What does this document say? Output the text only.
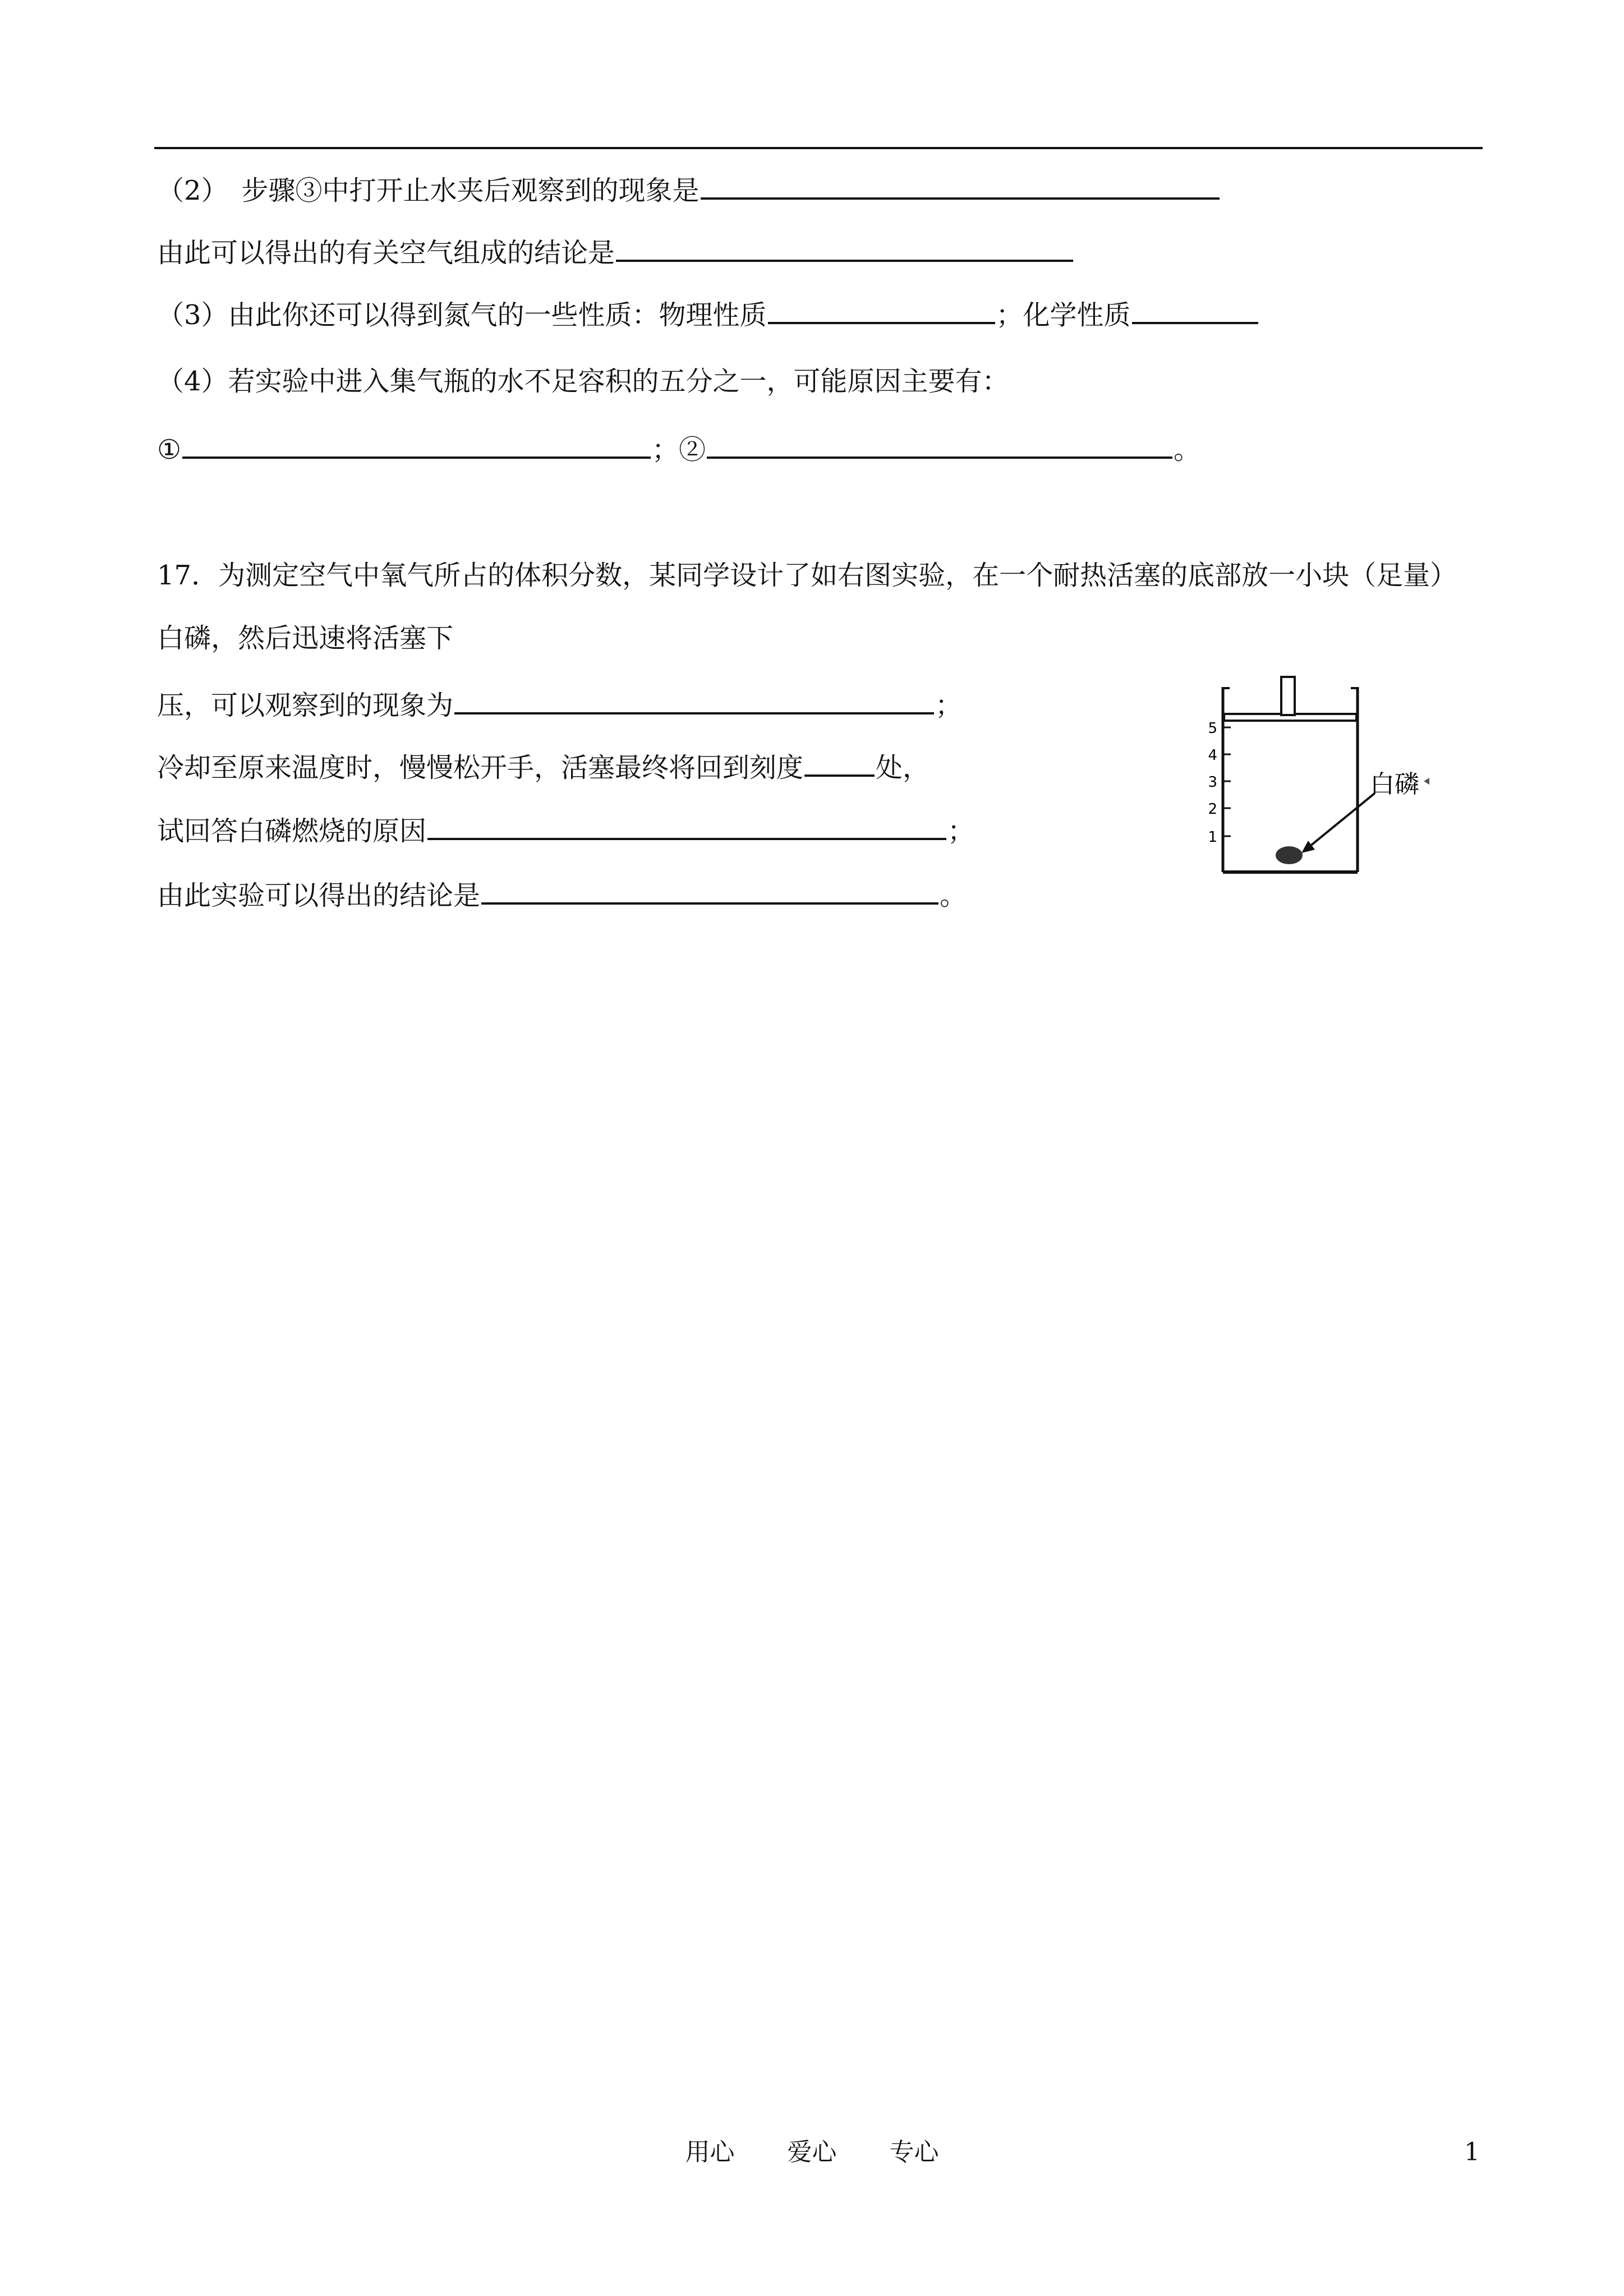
（2）　步骤③中打开止水夹后观察到的现象是
由此可以得出的有关空气组成的结论是
（3）由此你还可以得到氮气的一些性质：物理性质	；化学性质
（4）若实验中进入集气瓶的水不足容积的五分之一，可能原因主要有：
①	；②	。
17．为测定空气中氧气所占的体积分数，某同学设计了如右图实验，在一个耐热活塞的底部放一小块（足量）白磷，然后迅速将活塞下
压，可以观察到的现象为	；
冷却至原来温度时，慢慢松开手，活塞最终将回到刻度	处，
试回答白磷燃烧的原因	；
由此实验可以得出的结论是	。
5
4
3
2
1
白磷
用心 爱心 专心	1
